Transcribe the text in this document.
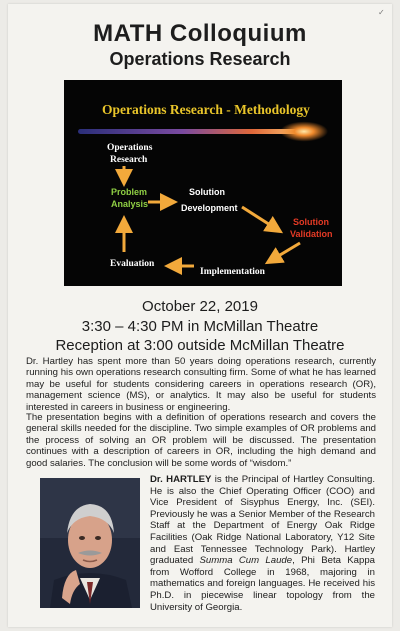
✓
MATH Colloquium
Operations Research
Operations Research - Methodology
Operations Research
Problem Analysis
Solution Development
Solution Validation
Implementation
Evaluation
October 22, 2019
3:30 – 4:30 PM in McMillan Theatre
Reception at 3:00 outside McMillan Theatre

Dr. Hartley has spent more than 50 years doing operations research, currently running his own operations research consulting firm. Some of what he has learned may be useful for students considering careers in operations research (OR), management science (MS), or analytics. It may also be useful for students interested in careers in business or engineering.

The presentation begins with a definition of operations research and covers the general skills needed for the discipline. Two simple examples of OR problems and the process of solving an OR problem will be discussed. The presentation continues with a description of careers in OR, including the high demand and good salaries. The conclusion will be some words of “wisdom.”

Dr. HARTLEY is the Principal of Hartley Consulting. He is also the Chief Operating Officer (COO) and Vice President of Sisyphus Energy, Inc. (SEI). Previously he was a Senior Member of the Research Staff at the Department of Energy Oak Ridge Facilities (Oak Ridge National Laboratory, Y12 Site and East Tennessee Technology Park). Hartley graduated Summa Cum Laude, Phi Beta Kappa from Wofford College in 1968, majoring in mathematics and foreign languages. He received his Ph.D. in piecewise linear topology from the University of Georgia.
